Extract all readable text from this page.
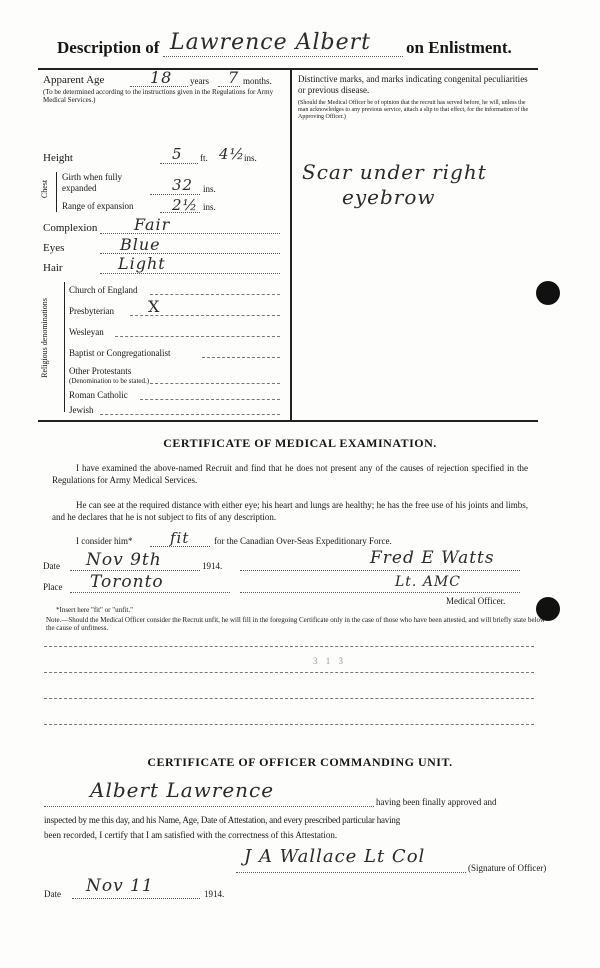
Description of Lawrence Albert on Enlistment.
Apparent Age	18 years 7 months.
(To be determined according to the instructions given in the Regulations for Army Medical Services.)
Distinctive marks, and marks indicating congenital peculiarities or previous disease.
(Should the Medical Officer be of opinion that the recruit has served before, he will, unless the man acknowledges to any previous service, attach a slip to that effect, for the information of the Approving Officer.)
Scar under right
eyebrow
Height	5 ft. 4½
ins.
Chest
Girth when fully expanded	32 ins.
Range of expansion	2½ ins.
Complexion Fair
Eyes	Blue
Hair	Light
Religious denominations
Church of England
Presbyterian X
Wesleyan
Baptist or Congregationalist
Other Protestants
(Denomination to be stated.)
Roman Catholic
Jewish
CERTIFICATE OF MEDICAL EXAMINATION.
I have examined the above-named Recruit and find that he does not present any of the causes of rejection specified in the Regulations for Army Medical Services.
He can see at the required distance with either eye; his heart and lungs are healthy; he has the free use of his joints and limbs, and he declares that he is not subject to fits of any description.
I consider him*	fit	for the Canadian Over-Seas Expeditionary Force.
Date Nov 9th	1914.	Fred E Watts
Place Toronto	Lt. AMC
Medical Officer.
*Insert here "fit" or "unfit."
Note.—Should the Medical Officer consider the Recruit unfit, he will fill in the foregoing Certificate only in the case of those who have been attested, and will briefly state below the cause of unfitness.
3 1 3
CERTIFICATE OF OFFICER COMMANDING UNIT.
Albert Lawrence	having been finally approved and
inspected by me this day, and his Name, Age, Date of Attestation, and every prescribed particular having
been recorded, I certify that I am satisfied with the correctness of this Attestation.
J A Wallace Lt Col
(Signature of Officer)
Date Nov 11	1914.
